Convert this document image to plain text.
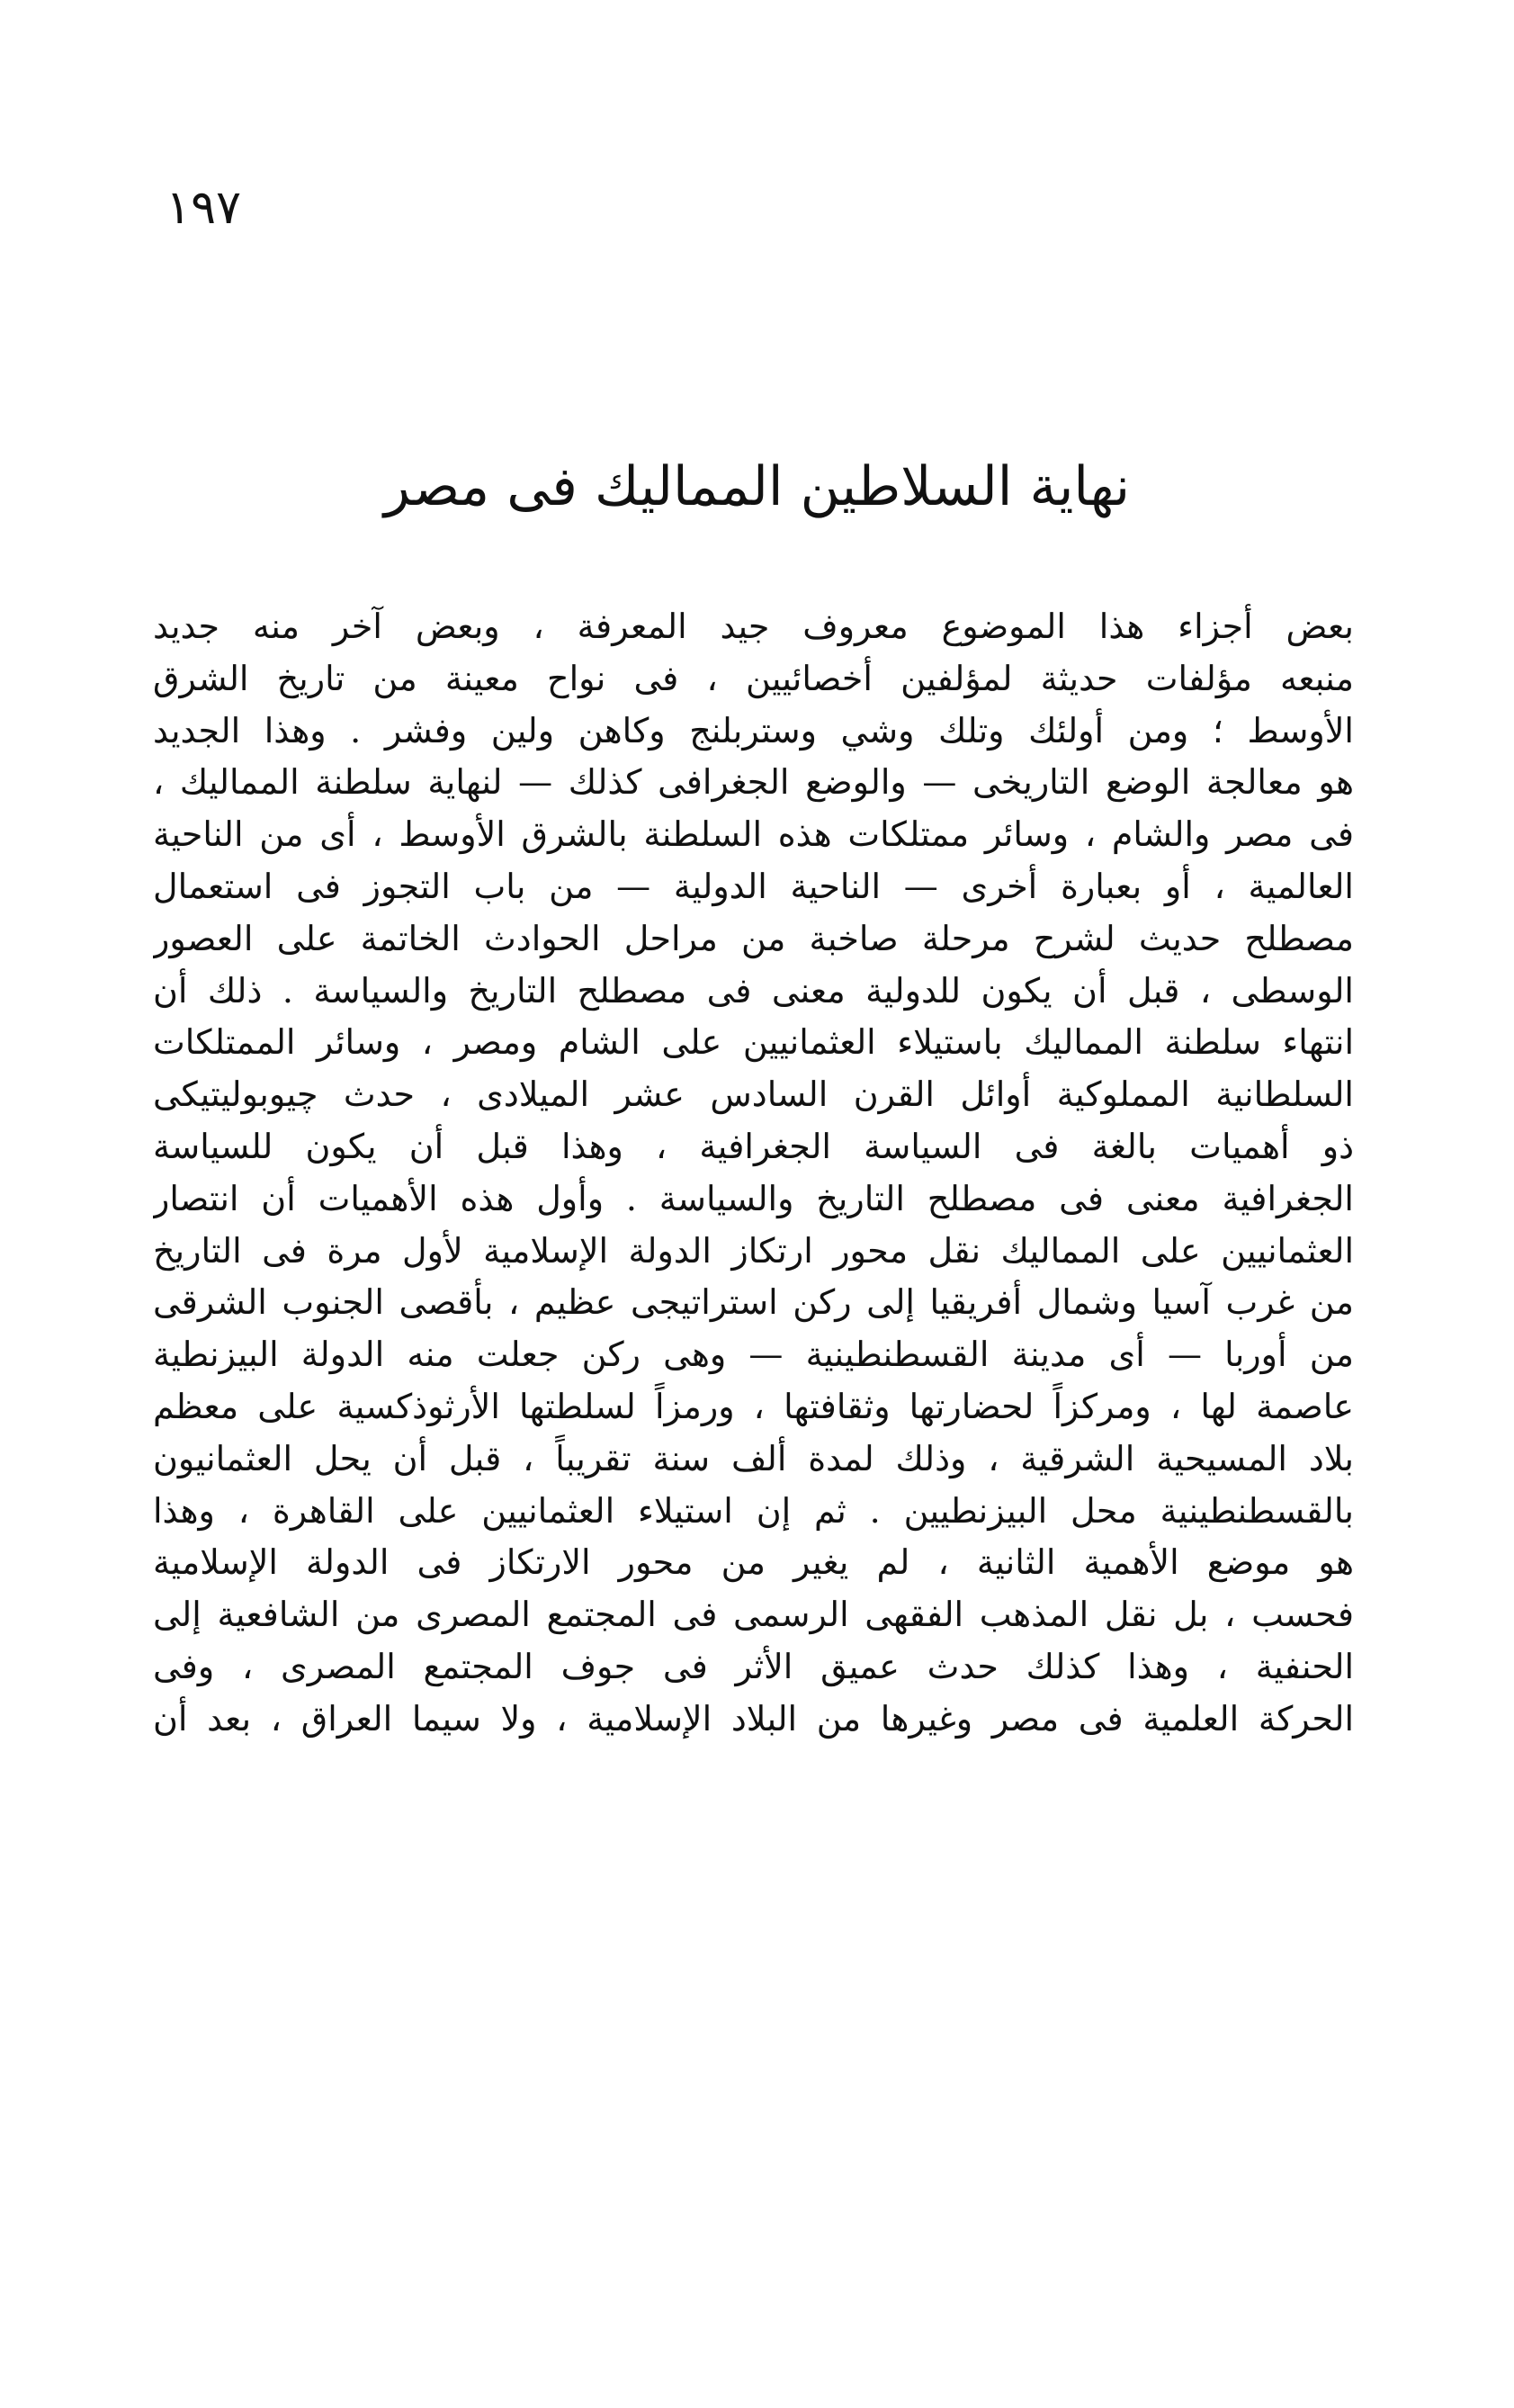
١٩٧
نهاية السلاطين المماليك فى مصر
بعض أجزاء هذا الموضوع معروف جيد المعرفة ، وبعض آخر منه جديد
منبعه مؤلفات حديثة لمؤلفين أخصائيين ، فى نواح معينة من تاريخ الشرق
الأوسط ؛ ومن أولئك وتلك وشي وستربلنج وكاهن ولين وفشر . وهذا الجديد
هو معالجة الوضع التاريخى — والوضع الجغرافى كذلك — لنهاية سلطنة المماليك ،
فى مصر والشام ، وسائر ممتلكات هذه السلطنة بالشرق الأوسط ، أى من الناحية
العالمية ، أو بعبارة أخرى — الناحية الدولية — من باب التجوز فى استعمال
مصطلح حديث لشرح مرحلة صاخبة من مراحل الحوادث الخاتمة على العصور
الوسطى ، قبل أن يكون للدولية معنى فى مصطلح التاريخ والسياسة . ذلك أن
انتهاء سلطنة المماليك باستيلاء العثمانيين على الشام ومصر ، وسائر الممتلكات
السلطانية المملوكية أوائل القرن السادس عشر الميلادى ، حدث چيوبوليتيكى
ذو أهميات بالغة فى السياسة الجغرافية ، وهذا قبل أن يكون للسياسة
الجغرافية معنى فى مصطلح التاريخ والسياسة . وأول هذه الأهميات أن انتصار
العثمانيين على المماليك نقل محور ارتكاز الدولة الإسلامية لأول مرة فى التاريخ
من غرب آسيا وشمال أفريقيا إلى ركن استراتيجى عظيم ، بأقصى الجنوب الشرقى
من أوربا — أى مدينة القسطنطينية — وهى ركن جعلت منه الدولة البيزنطية
عاصمة لها ، ومركزاً لحضارتها وثقافتها ، ورمزاً لسلطتها الأرثوذكسية على معظم
بلاد المسيحية الشرقية ، وذلك لمدة ألف سنة تقريباً ، قبل أن يحل العثمانيون
بالقسطنطينية محل البيزنطيين . ثم إن استيلاء العثمانيين على القاهرة ، وهذا
هو موضع الأهمية الثانية ، لم يغير من محور الارتكاز فى الدولة الإسلامية
فحسب ، بل نقل المذهب الفقهى الرسمى فى المجتمع المصرى من الشافعية إلى
الحنفية ، وهذا كذلك حدث عميق الأثر فى جوف المجتمع المصرى ، وفى
الحركة العلمية فى مصر وغيرها من البلاد الإسلامية ، ولا سيما العراق ، بعد أن
